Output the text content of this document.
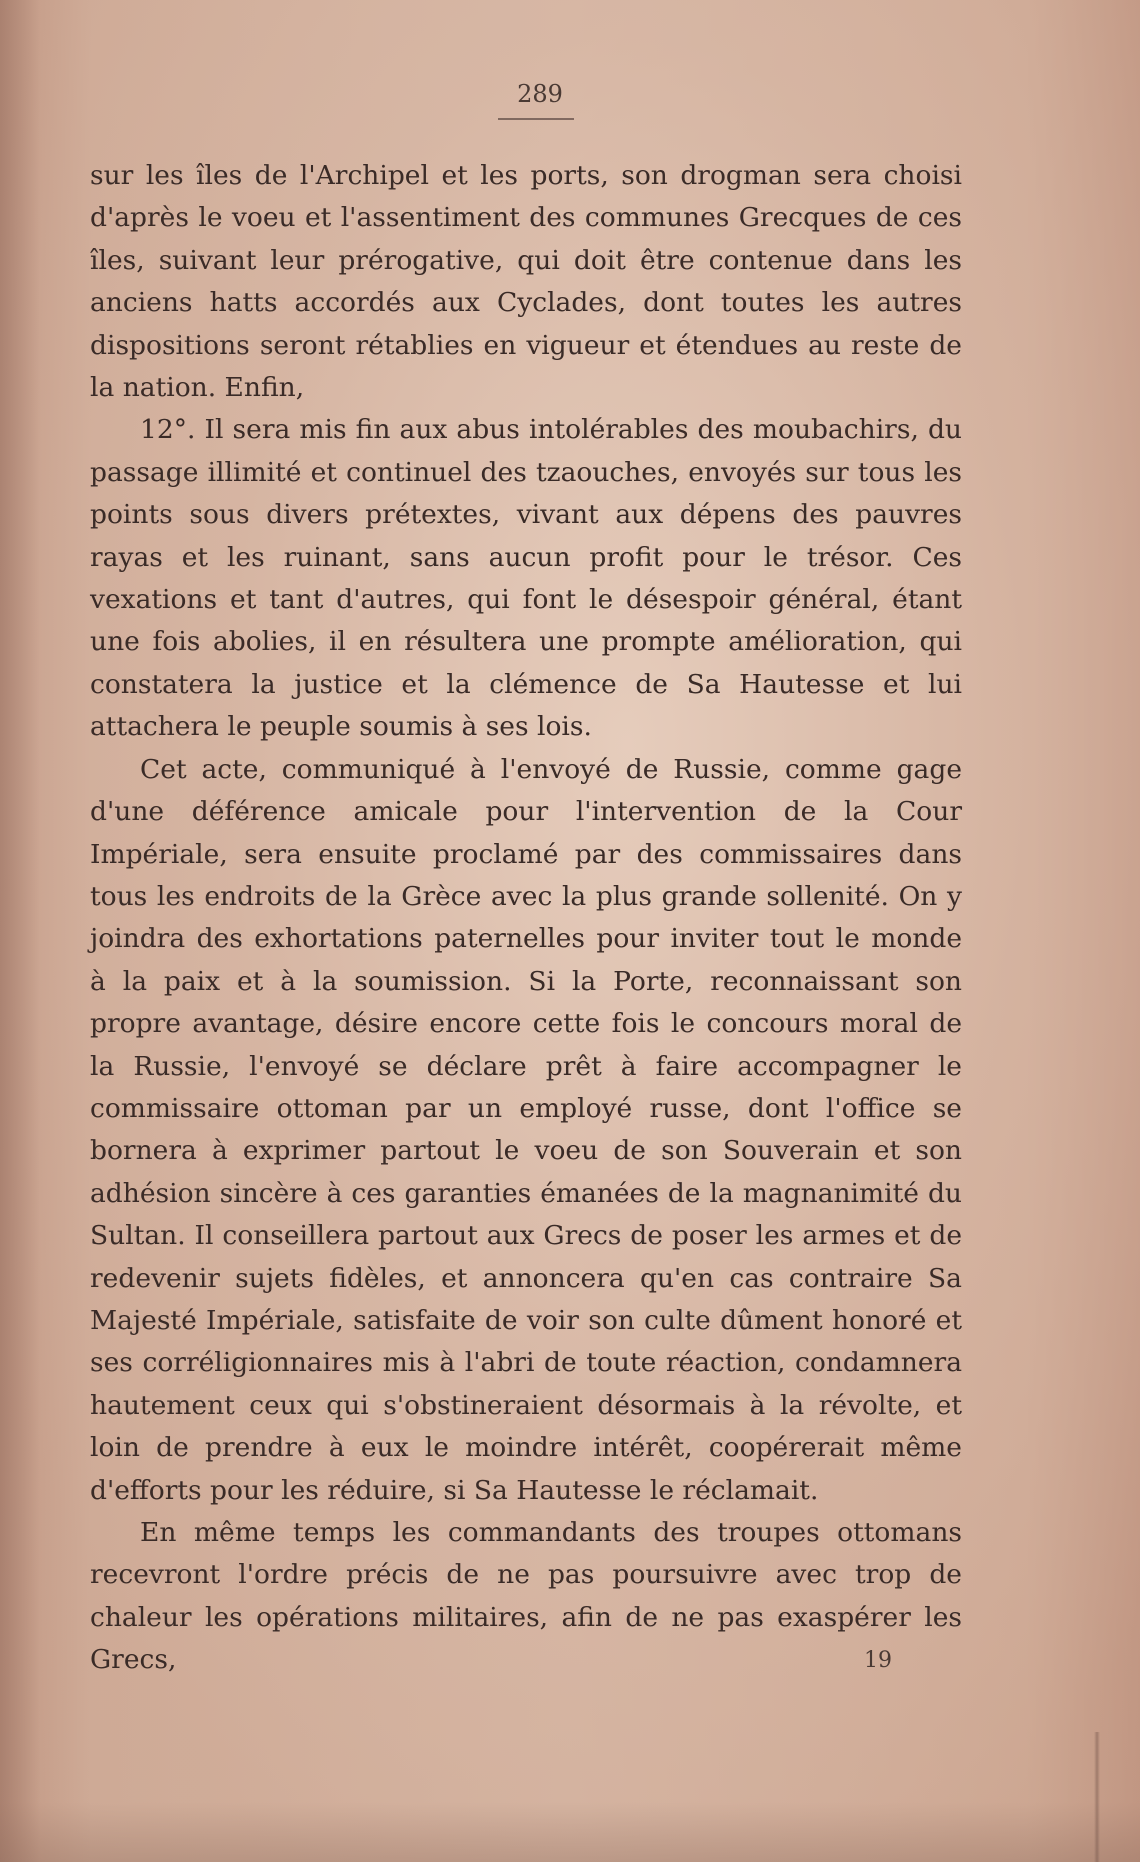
289

sur les îles de l'Archipel et les ports, son drogman sera choisi d'après le voeu et l'assentiment des communes Grecques de ces îles, suivant leur prérogative, qui doit être contenue dans les anciens hatts accordés aux Cyclades, dont toutes les autres dispositions seront rétablies en vigueur et étendues au reste de la nation. Enfin,

12°. Il sera mis fin aux abus intolérables des moubachirs, du passage illimité et continuel des tzaouches, envoyés sur tous les points sous divers prétextes, vivant aux dépens des pauvres rayas et les ruinant, sans aucun profit pour le trésor. Ces vexations et tant d'autres, qui font le désespoir général, étant une fois abolies, il en résultera une prompte amélioration, qui constatera la justice et la clémence de Sa Hautesse et lui attachera le peuple soumis à ses lois.

Cet acte, communiqué à l'envoyé de Russie, comme gage d'une déférence amicale pour l'intervention de la Cour Impériale, sera ensuite proclamé par des commissaires dans tous les endroits de la Grèce avec la plus grande sollenité. On y joindra des exhortations paternelles pour inviter tout le monde à la paix et à la soumission. Si la Porte, reconnaissant son propre avantage, désire encore cette fois le concours moral de la Russie, l'envoyé se déclare prêt à faire accompagner le commissaire ottoman par un employé russe, dont l'office se bornera à exprimer partout le voeu de son Souverain et son adhésion sincère à ces garanties émanées de la magnanimité du Sultan. Il conseillera partout aux Grecs de poser les armes et de redevenir sujets fidèles, et annoncera qu'en cas contraire Sa Majesté Impériale, satisfaite de voir son culte dûment honoré et ses corréligionnaires mis à l'abri de toute réaction, condamnera hautement ceux qui s'obstineraient désormais à la révolte, et loin de prendre à eux le moindre intérêt, coopérerait même d'efforts pour les réduire, si Sa Hautesse le réclamait.

En même temps les commandants des troupes ottomans recevront l'ordre précis de ne pas poursuivre avec trop de chaleur les opérations militaires, afin de ne pas exaspérer les Grecs,	19
